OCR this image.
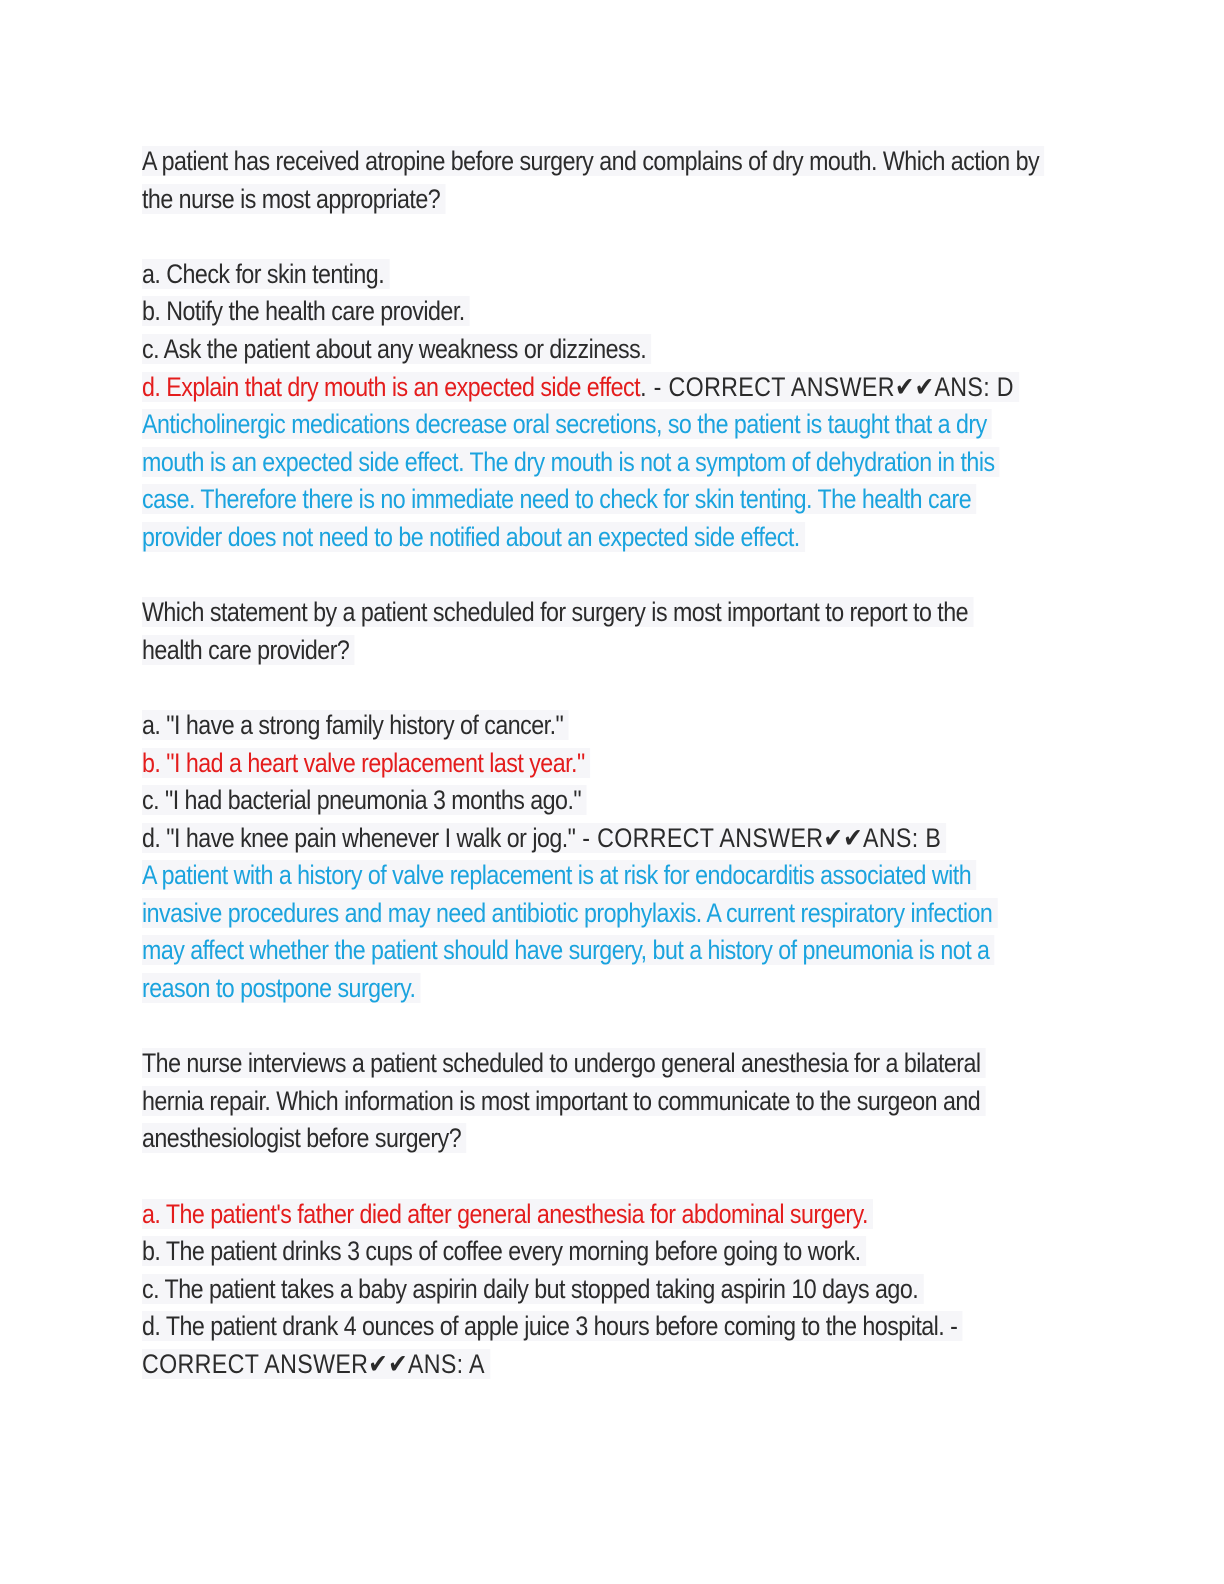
A patient has received atropine before surgery and complains of dry mouth. Which action by
the nurse is most appropriate?
a. Check for skin tenting.
b. Notify the health care provider.
c. Ask the patient about any weakness or dizziness.
d. Explain that dry mouth is an expected side effect. - CORRECT ANSWER✔✔ANS: D
Anticholinergic medications decrease oral secretions, so the patient is taught that a dry
mouth is an expected side effect. The dry mouth is not a symptom of dehydration in this
case. Therefore there is no immediate need to check for skin tenting. The health care
provider does not need to be notified about an expected side effect.
Which statement by a patient scheduled for surgery is most important to report to the
health care provider?
a. "I have a strong family history of cancer."
b. "I had a heart valve replacement last year."
c. "I had bacterial pneumonia 3 months ago."
d. "I have knee pain whenever I walk or jog." - CORRECT ANSWER✔✔ANS: B
A patient with a history of valve replacement is at risk for endocarditis associated with
invasive procedures and may need antibiotic prophylaxis. A current respiratory infection
may affect whether the patient should have surgery, but a history of pneumonia is not a
reason to postpone surgery.
The nurse interviews a patient scheduled to undergo general anesthesia for a bilateral
hernia repair. Which information is most important to communicate to the surgeon and
anesthesiologist before surgery?
a. The patient's father died after general anesthesia for abdominal surgery.
b. The patient drinks 3 cups of coffee every morning before going to work.
c. The patient takes a baby aspirin daily but stopped taking aspirin 10 days ago.
d. The patient drank 4 ounces of apple juice 3 hours before coming to the hospital. -
CORRECT ANSWER✔✔ANS: A
